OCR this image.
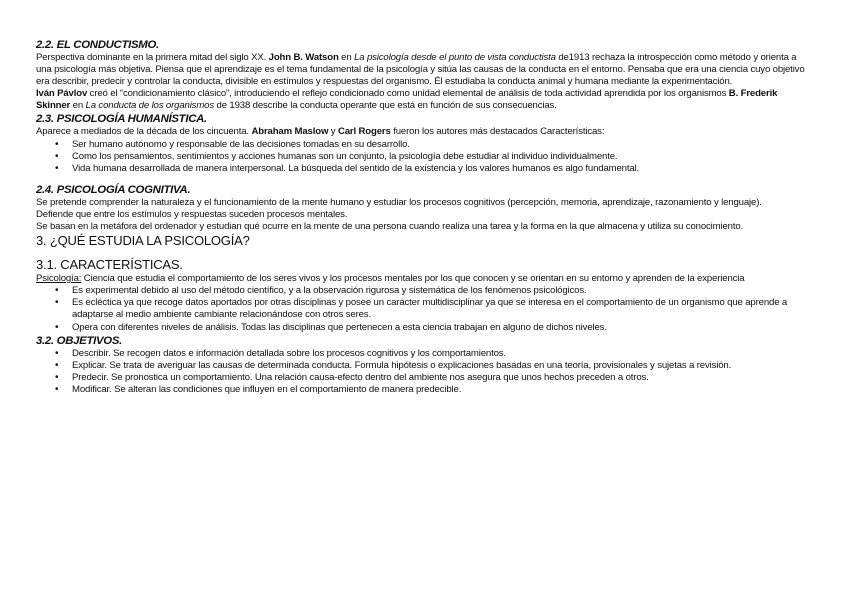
2.2. EL CONDUCTISMO.

Perspectiva dominante en la primera mitad del siglo XX. John B. Watson en La psicología desde el punto de vista conductista de1913 rechaza la introspección como método y orienta a una psicología más objetiva. Piensa que el aprendizaje es el tema fundamental de la psicología y sitúa las causas de la conducta en el entorno. Pensaba que era una ciencia cuyo objetivo era describir, predecir y controlar la conducta, divisible en estímulos y respuestas del organismo. Él estudiaba la conducta animal y humana mediante la experimentación.

Iván Pávlov creó el “condicionamiento clásico”, introduciendo el reflejo condicionado como unidad elemental de análisis de toda actividad aprendida por los organismos B. Frederik Skinner en La conducta de los organismos de 1938 describe la conducta operante que está en función de sus consecuencias.

2.3. PSICOLOGÍA HUMANÍSTICA.

Aparece a mediados de la década de los cincuenta. Abraham Maslow y Carl Rogers fueron los autores más destacados Características:

• Ser humano autónomo y responsable de las decisiones tomadas en su desarrollo.
• Como los pensamientos, sentimientos y acciones humanas son un conjunto, la psicología debe estudiar al individuo individualmente.
• Vida humana desarrollada de manera interpersonal. La búsqueda del sentido de la existencia y los valores humanos es algo fundamental.
2.4. PSICOLOGÍA COGNITIVA.

Se pretende comprender la naturaleza y el funcionamiento de la mente humano y estudiar los procesos cognitivos (percepción, memoria, aprendizaje, razonamiento y lenguaje).

Defiende que entre los estímulos y respuestas suceden procesos mentales.

Se basan en la metáfora del ordenador y estudian qué ocurre en la mente de una persona cuando realiza una tarea y la forma en la que almacena y utiliza su conocimiento.

3. ¿QUÉ ESTUDIA LA PSICOLOGÍA?
3.1. CARACTERÍSTICAS.

Psicología: Ciencia que estudia el comportamiento de los seres vivos y los procesos mentales por los que conocen y se orientan en su entorno y aprenden de la experiencia

• Es experimental debido al uso del método científico, y a la observación rigurosa y sistemática de los fenómenos psicológicos.
• Es ecléctica ya que recoge datos aportados por otras disciplinas y posee un carácter multidisciplinar ya que se interesa en el comportamiento de un organismo que aprende a adaptarse al medio ambiente cambiante relacionándose con otros seres.
• Opera con diferentes niveles de análisis. Todas las disciplinas que pertenecen a esta ciencia trabajan en alguno de dichos niveles.
3.2. OBJETIVOS.
• Describir. Se recogen datos e información detallada sobre los procesos cognitivos y los comportamientos.
• Explicar. Se trata de averiguar las causas de determinada conducta. Formula hipótesis o explicaciones basadas en una teoría, provisionales y sujetas a revisión.
• Predecir. Se pronostica un comportamiento. Una relación causa-efecto dentro del ambiente nos asegura que unos hechos preceden a otros.
• Modificar. Se alteran las condiciones que influyen en el comportamiento de manera predecible.
